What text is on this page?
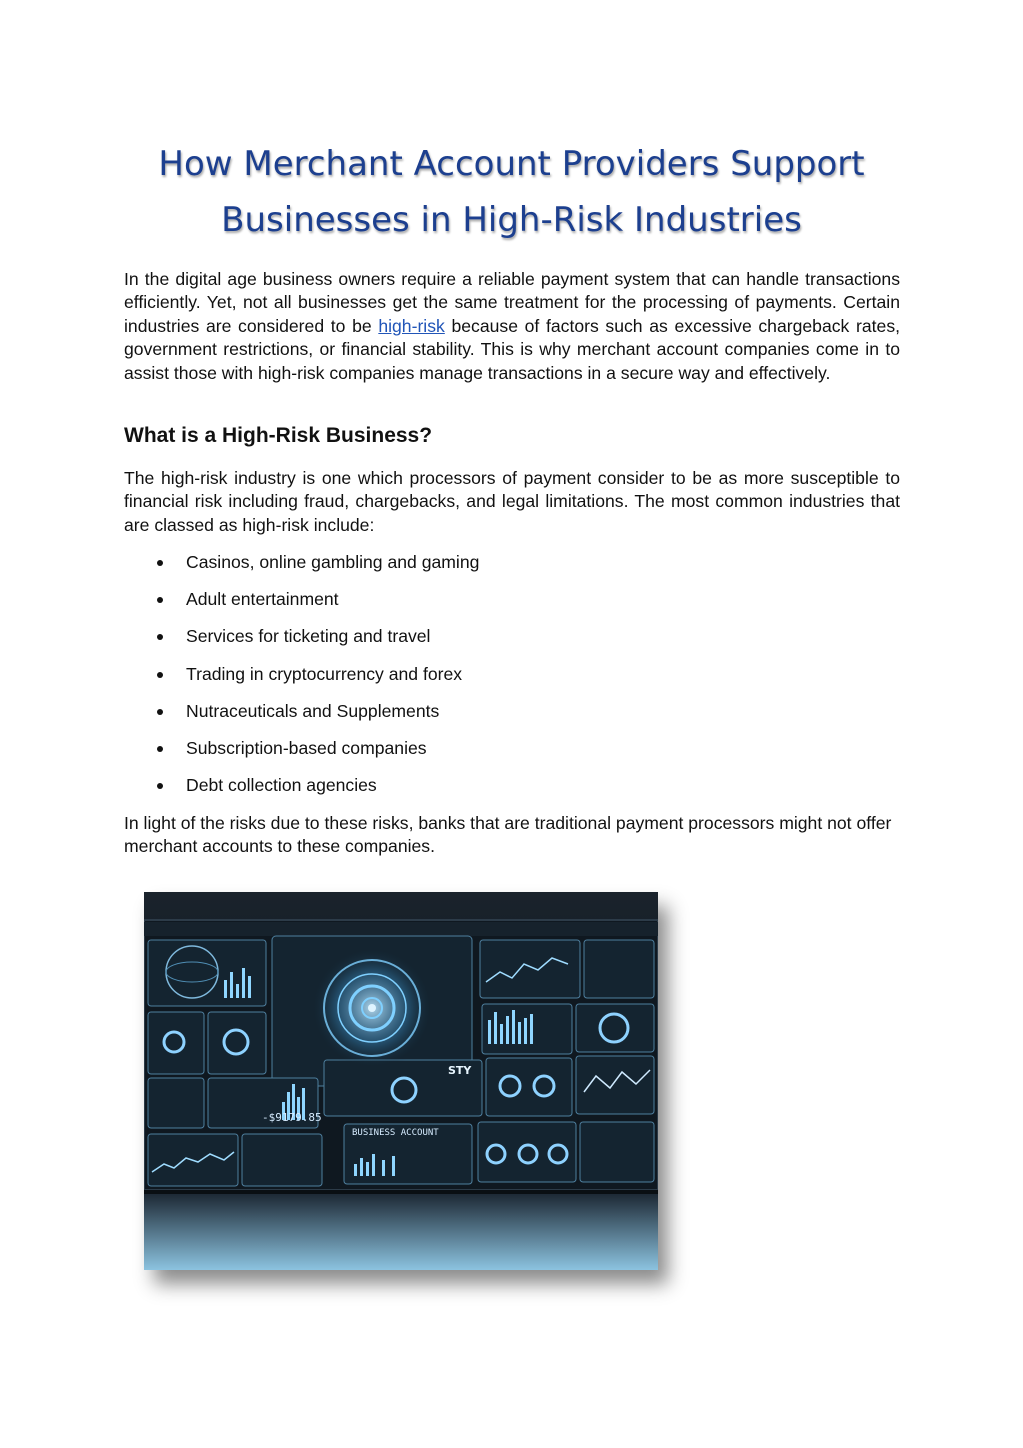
How Merchant Account Providers Support
Businesses in High-Risk Industries

In the digital age business owners require a reliable payment system that can handle transactions efficiently. Yet, not all businesses get the same treatment for the processing of payments. Certain industries are considered to be high-risk because of factors such as excessive chargeback rates, government restrictions, or financial stability. This is why merchant account companies come in to assist those with high-risk companies manage transactions in a secure way and effectively.

What is a High-Risk Business?

The high-risk industry is one which processors of payment consider to be as more susceptible to financial risk including fraud, chargebacks, and legal limitations. The most common industries that are classed as high-risk include:

Casinos, online gambling and gaming
Adult entertainment
Services for ticketing and travel
Trading in cryptocurrency and forex
Nutraceuticals and Supplements
Subscription-based companies
Debt collection agencies

In light of the risks due to these risks, banks that are traditional payment processors might not offer merchant accounts to these companies.

-$9179.85
BUSINESS ACCOUNT
STY
